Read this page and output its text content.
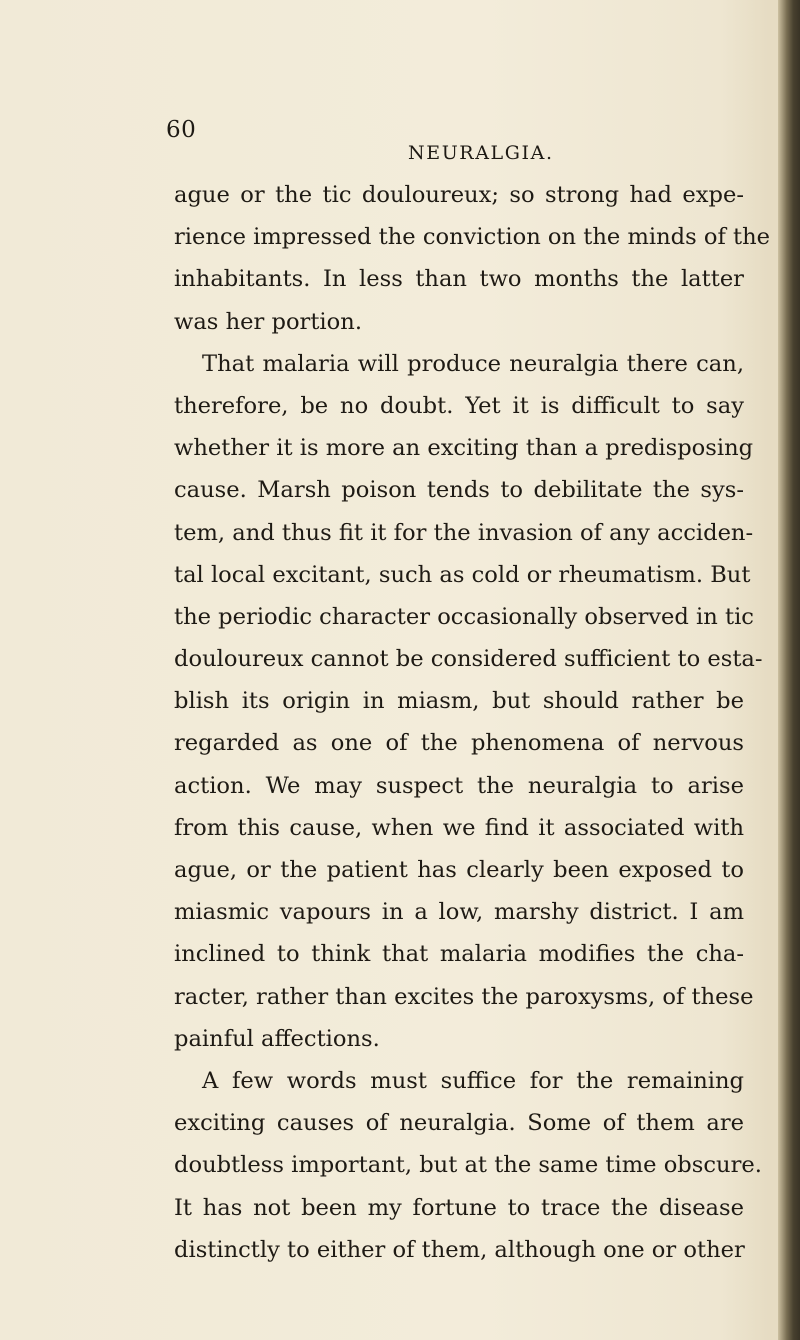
60
NEURALGIA.
ague or the tic douloureux; so strong had expe-
rience impressed the conviction on the minds of the
inhabitants. In less than two months the latter
was her portion.
That malaria will produce neuralgia there can,
therefore, be no doubt. Yet it is difficult to say
whether it is more an exciting than a predisposing
cause. Marsh poison tends to debilitate the sys-
tem, and thus fit it for the invasion of any acciden-
tal local excitant, such as cold or rheumatism. But
the periodic character occasionally observed in tic
douloureux cannot be considered sufficient to esta-
blish its origin in miasm, but should rather be
regarded as one of the phenomena of nervous
action. We may suspect the neuralgia to arise
from this cause, when we find it associated with
ague, or the patient has clearly been exposed to
miasmic vapours in a low, marshy district. I am
inclined to think that malaria modifies the cha-
racter, rather than excites the paroxysms, of these
painful affections.
A few words must suffice for the remaining
exciting causes of neuralgia. Some of them are
doubtless important, but at the same time obscure.
It has not been my fortune to trace the disease
distinctly to either of them, although one or other
